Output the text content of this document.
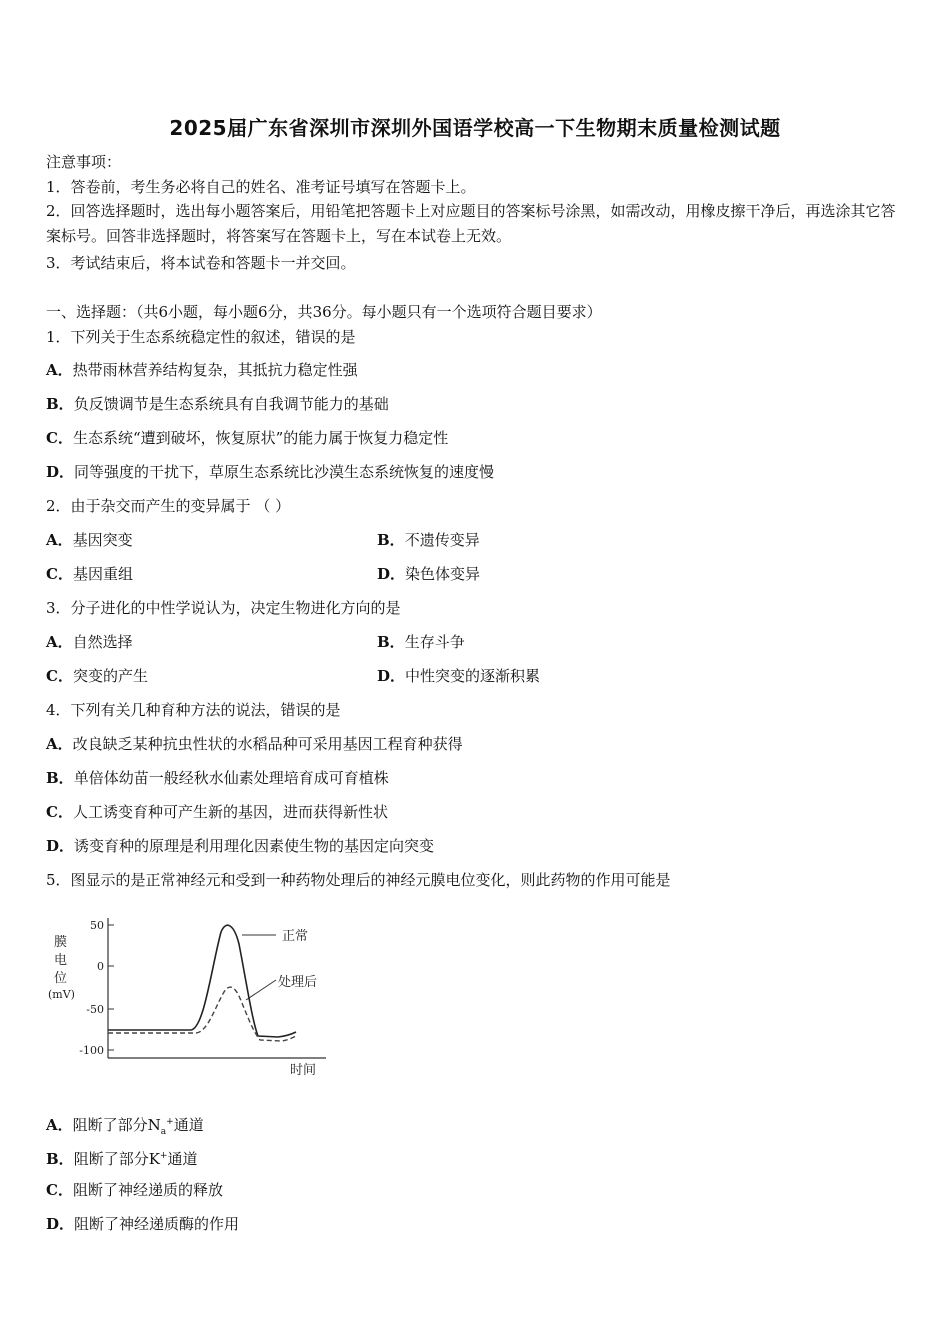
2025届广东省深圳市深圳外国语学校高一下生物期末质量检测试题
注意事项：
1．答卷前，考生务必将自己的姓名、准考证号填写在答题卡上。
2．回答选择题时，选出每小题答案后，用铅笔把答题卡上对应题目的答案标号涂黑，如需改动，用橡皮擦干净后，再选涂其它答案标号。回答非选择题时，将答案写在答题卡上，写在本试卷上无效。
3．考试结束后，将本试卷和答题卡一并交回。
一、选择题：（共6小题，每小题6分，共36分。每小题只有一个选项符合题目要求）
1．下列关于生态系统稳定性的叙述，错误的是
A．热带雨林营养结构复杂，其抵抗力稳定性强
B．负反馈调节是生态系统具有自我调节能力的基础
C．生态系统“遭到破坏，恢复原状”的能力属于恢复力稳定性
D．同等强度的干扰下，草原生态系统比沙漠生态系统恢复的速度慢
2．由于杂交而产生的变异属于 （ ）
A．基因突变	B．不遗传变异
C．基因重组	D．染色体变异
3．分子进化的中性学说认为，决定生物进化方向的是
A．自然选择	B．生存斗争
C．突变的产生	D．中性突变的逐渐积累
4．下列有关几种育种方法的说法，错误的是
A．改良缺乏某种抗虫性状的水稻品种可采用基因工程育种获得
B．单倍体幼苗一般经秋水仙素处理培育成可育植株
C．人工诱变育种可产生新的基因，进而获得新性状
D．诱变育种的原理是利用理化因素使生物的基因定向突变
5．图显示的是正常神经元和受到一种药物处理后的神经元膜电位变化，则此药物的作用可能是
膜
电
位
(mV)
50
0
-50
-100
正常
处理后
时间
A．阻断了部分$N_a^+$通道
B．阻断了部分K+通道
C．阻断了神经递质的释放
D．阻断了神经递质酶的作用
